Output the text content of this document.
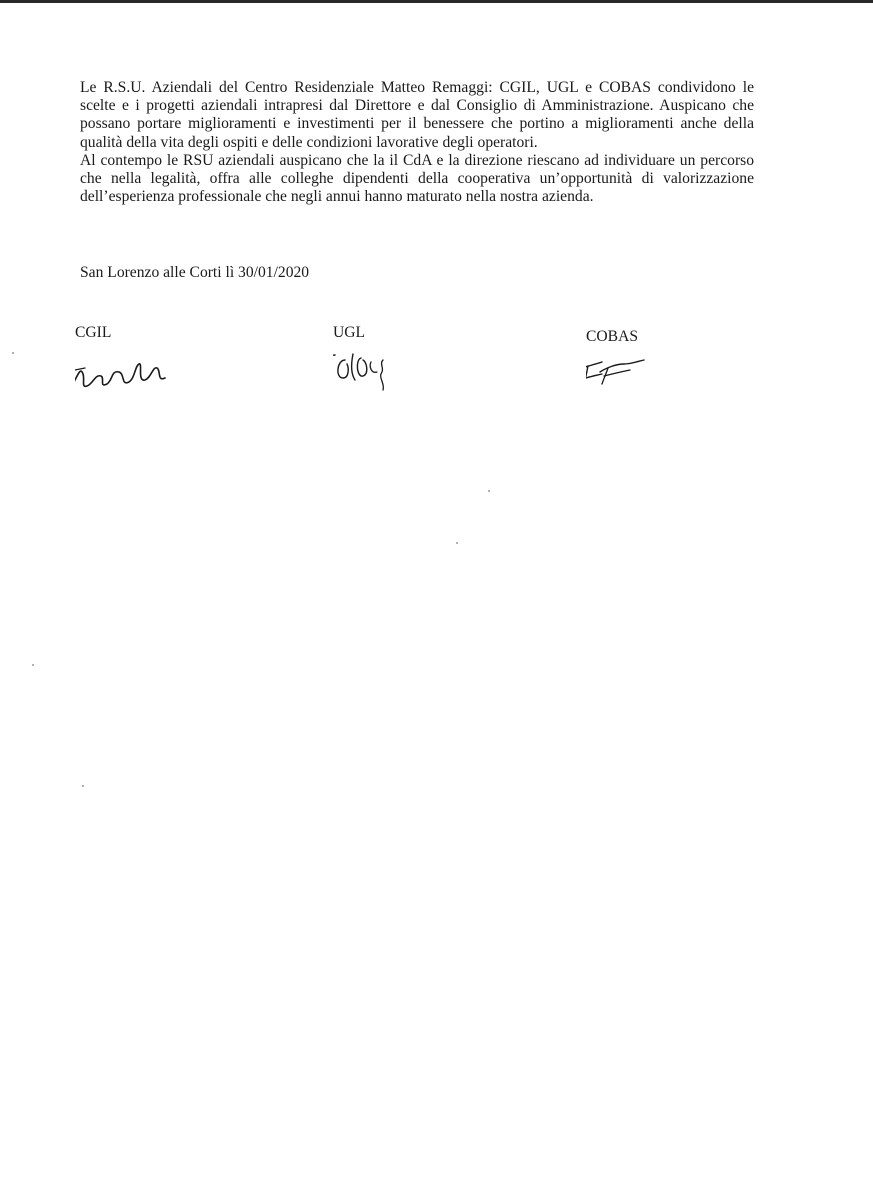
Le R.S.U. Aziendali del Centro Residenziale Matteo Remaggi: CGIL, UGL e COBAS condividono le scelte e i progetti aziendali intrapresi dal Direttore e dal Consiglio di Amministrazione. Auspicano che possano portare miglioramenti e investimenti per il benessere che portino a miglioramenti anche della qualità della vita degli ospiti e delle condizioni lavorative degli operatori.

Al contempo le RSU aziendali auspicano che la il CdA e la direzione riescano ad individuare un percorso che nella legalità, offra alle colleghe dipendenti della cooperativa un’opportunità di valorizzazione dell’esperienza professionale che negli annui hanno maturato nella nostra azienda.

San Lorenzo alle Corti lì 30/01/2020
CGIL	UGL	COBAS
